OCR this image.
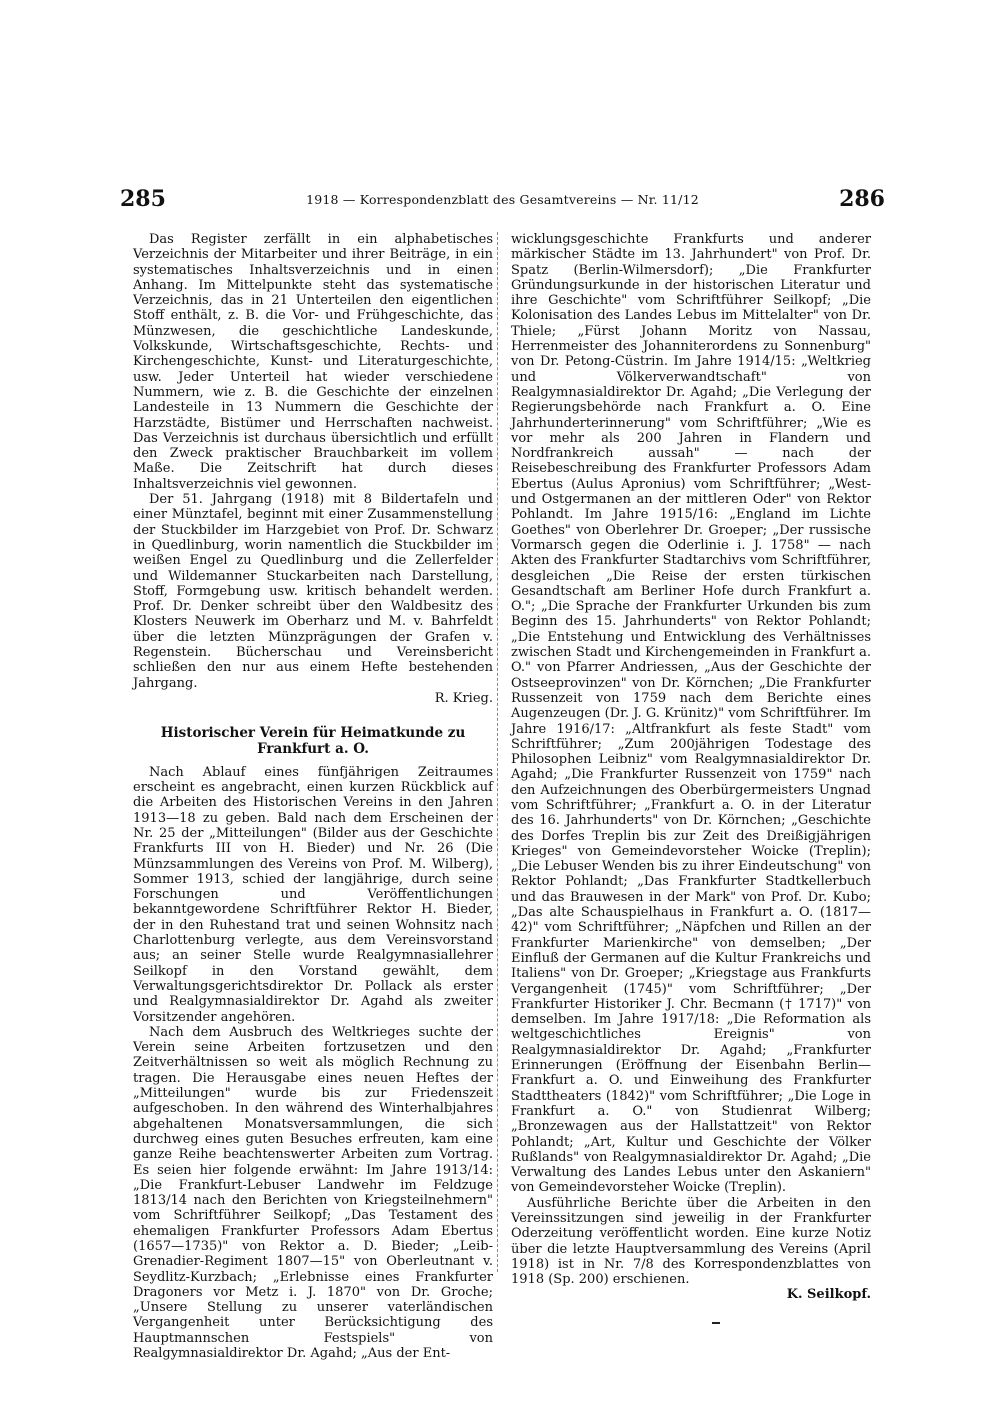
285	1918 — Korrespondenzblatt des Gesamtvereins — Nr. 11/12	286

Das Register zerfällt in ein alphabetisches Verzeichnis der Mitarbeiter und ihrer Beiträge, in ein systematisches Inhaltsverzeichnis und in einen Anhang. Im Mittelpunkte steht das systematische Verzeichnis, das in 21 Unterteilen den eigentlichen Stoff enthält, z. B. die Vor- und Frühgeschichte, das Münzwesen, die geschichtliche Landeskunde, Volkskunde, Wirtschaftsgeschichte, Rechts- und Kirchengeschichte, Kunst- und Literaturgeschichte, usw. Jeder Unterteil hat wieder verschiedene Nummern, wie z. B. die Geschichte der einzelnen Landesteile in 13 Nummern die Geschichte der Harzstädte, Bistümer und Herrschaften nachweist. Das Verzeichnis ist durchaus übersichtlich und erfüllt den Zweck praktischer Brauchbarkeit im vollem Maße. Die Zeitschrift hat durch dieses Inhaltsverzeichnis viel gewonnen.

Der 51. Jahrgang (1918) mit 8 Bildertafeln und einer Münztafel, beginnt mit einer Zusammenstellung der Stuckbilder im Harzgebiet von Prof. Dr. Schwarz in Quedlinburg, worin namentlich die Stuckbilder im weißen Engel zu Quedlinburg und die Zellerfelder und Wildemanner Stuckarbeiten nach Darstellung, Stoff, Formgebung usw. kritisch behandelt werden. Prof. Dr. Denker schreibt über den Waldbesitz des Klosters Neuwerk im Oberharz und M. v. Bahrfeldt über die letzten Münzprägungen der Grafen v. Regenstein. Bücherschau und Vereinsbericht schließen den nur aus einem Hefte bestehenden Jahrgang.

R. Krieg.
Historischer Verein für Heimatkunde zu Frankfurt a. O.

Nach Ablauf eines fünfjährigen Zeitraumes erscheint es angebracht, einen kurzen Rückblick auf die Arbeiten des Historischen Vereins in den Jahren 1913—18 zu geben. Bald nach dem Erscheinen der Nr. 25 der „Mitteilungen" (Bilder aus der Geschichte Frankfurts III von H. Bieder) und Nr. 26 (Die Münzsammlungen des Vereins von Prof. M. Wilberg), Sommer 1913, schied der langjährige, durch seine Forschungen und Veröffentlichungen bekanntgewordene Schriftführer Rektor H. Bieder, der in den Ruhestand trat und seinen Wohnsitz nach Charlottenburg verlegte, aus dem Vereinsvorstand aus; an seiner Stelle wurde Realgymnasiallehrer Seilkopf in den Vorstand gewählt, dem Verwaltungsgerichtsdirektor Dr. Pollack als erster und Realgymnasialdirektor Dr. Agahd als zweiter Vorsitzender angehören.

Nach dem Ausbruch des Weltkrieges suchte der Verein seine Arbeiten fortzusetzen und den Zeitverhältnissen so weit als möglich Rechnung zu tragen. Die Herausgabe eines neuen Heftes der „Mitteilungen" wurde bis zur Friedenszeit aufgeschoben. In den während des Winterhalbjahres abgehaltenen Monatsversammlungen, die sich durchweg eines guten Besuches erfreuten, kam eine ganze Reihe beachtenswerter Arbeiten zum Vortrag. Es seien hier folgende erwähnt: Im Jahre 1913/14: „Die Frankfurt-Lebuser Landwehr im Feldzuge 1813/14 nach den Berichten von Kriegsteilnehmern" vom Schriftführer Seilkopf; „Das Testament des ehemaligen Frankfurter Professors Adam Ebertus (1657—1735)" von Rektor a. D. Bieder; „Leib-Grenadier-Regiment 1807—15" von Oberleutnant v. Seydlitz-Kurzbach; „Erlebnisse eines Frankfurter Dragoners vor Metz i. J. 1870" von Dr. Groche; „Unsere Stellung zu unserer vaterländischen Vergangenheit unter Berücksichtigung des Hauptmannschen Festspiels" von Realgymnasialdirektor Dr. Agahd; „Aus der Ent-

wicklungsgeschichte Frankfurts und anderer märkischer Städte im 13. Jahrhundert" von Prof. Dr. Spatz (Berlin-Wilmersdorf); „Die Frankfurter Gründungsurkunde in der historischen Literatur und ihre Geschichte" vom Schriftführer Seilkopf; „Die Kolonisation des Landes Lebus im Mittelalter" von Dr. Thiele; „Fürst Johann Moritz von Nassau, Herrenmeister des Johanniterordens zu Sonnenburg" von Dr. Petong-Cüstrin. Im Jahre 1914/15: „Weltkrieg und Völkerverwandtschaft" von Realgymnasialdirektor Dr. Agahd; „Die Verlegung der Regierungsbehörde nach Frankfurt a. O. Eine Jahrhunderterinnerung" vom Schriftführer; „Wie es vor mehr als 200 Jahren in Flandern und Nordfrankreich aussah" — nach der Reisebeschreibung des Frankfurter Professors Adam Ebertus (Aulus Apronius) vom Schriftführer; „West- und Ostgermanen an der mittleren Oder" von Rektor Pohlandt. Im Jahre 1915/16: „England im Lichte Goethes" von Oberlehrer Dr. Groeper; „Der russische Vormarsch gegen die Oderlinie i. J. 1758" — nach Akten des Frankfurter Stadtarchivs vom Schriftführer, desgleichen „Die Reise der ersten türkischen Gesandtschaft am Berliner Hofe durch Frankfurt a. O."; „Die Sprache der Frankfurter Urkunden bis zum Beginn des 15. Jahrhunderts" von Rektor Pohlandt; „Die Entstehung und Entwicklung des Verhältnisses zwischen Stadt und Kirchengemeinden in Frankfurt a. O." von Pfarrer Andriessen, „Aus der Geschichte der Ostseeprovinzen" von Dr. Körnchen; „Die Frankfurter Russenzeit von 1759 nach dem Berichte eines Augenzeugen (Dr. J. G. Krünitz)" vom Schriftführer. Im Jahre 1916/17: „Altfrankfurt als feste Stadt" vom Schriftführer; „Zum 200jährigen Todestage des Philosophen Leibniz" vom Realgymnasialdirektor Dr. Agahd; „Die Frankfurter Russenzeit von 1759" nach den Aufzeichnungen des Oberbürgermeisters Ungnad vom Schriftführer; „Frankfurt a. O. in der Literatur des 16. Jahrhunderts" von Dr. Körnchen; „Geschichte des Dorfes Treplin bis zur Zeit des Dreißigjährigen Krieges" von Gemeindevorsteher Woicke (Treplin); „Die Lebuser Wenden bis zu ihrer Eindeutschung" von Rektor Pohlandt; „Das Frankfurter Stadtkellerbuch und das Brauwesen in der Mark" von Prof. Dr. Kubo; „Das alte Schauspielhaus in Frankfurt a. O. (1817—42)" vom Schriftführer; „Näpfchen und Rillen an der Frankfurter Marienkirche" von demselben; „Der Einfluß der Germanen auf die Kultur Frankreichs und Italiens" von Dr. Groeper; „Kriegstage aus Frankfurts Vergangenheit (1745)" vom Schriftführer; „Der Frankfurter Historiker J. Chr. Becmann († 1717)" von demselben. Im Jahre 1917/18: „Die Reformation als weltgeschichtliches Ereignis" von Realgymnasialdirektor Dr. Agahd; „Frankfurter Erinnerungen (Eröffnung der Eisenbahn Berlin—Frankfurt a. O. und Einweihung des Frankfurter Stadttheaters (1842)" vom Schriftführer; „Die Loge in Frankfurt a. O." von Studienrat Wilberg; „Bronzewagen aus der Hallstattzeit" von Rektor Pohlandt; „Art, Kultur und Geschichte der Völker Rußlands" von Realgymnasialdirektor Dr. Agahd; „Die Verwaltung des Landes Lebus unter den Askaniern" von Gemeindevorsteher Woicke (Treplin).

Ausführliche Berichte über die Arbeiten in den Vereinssitzungen sind jeweilig in der Frankfurter Oderzeitung veröffentlicht worden. Eine kurze Notiz über die letzte Hauptversammlung des Vereins (April 1918) ist in Nr. 7/8 des Korrespondenzblattes von 1918 (Sp. 200) erschienen.

K. Seilkopf.
